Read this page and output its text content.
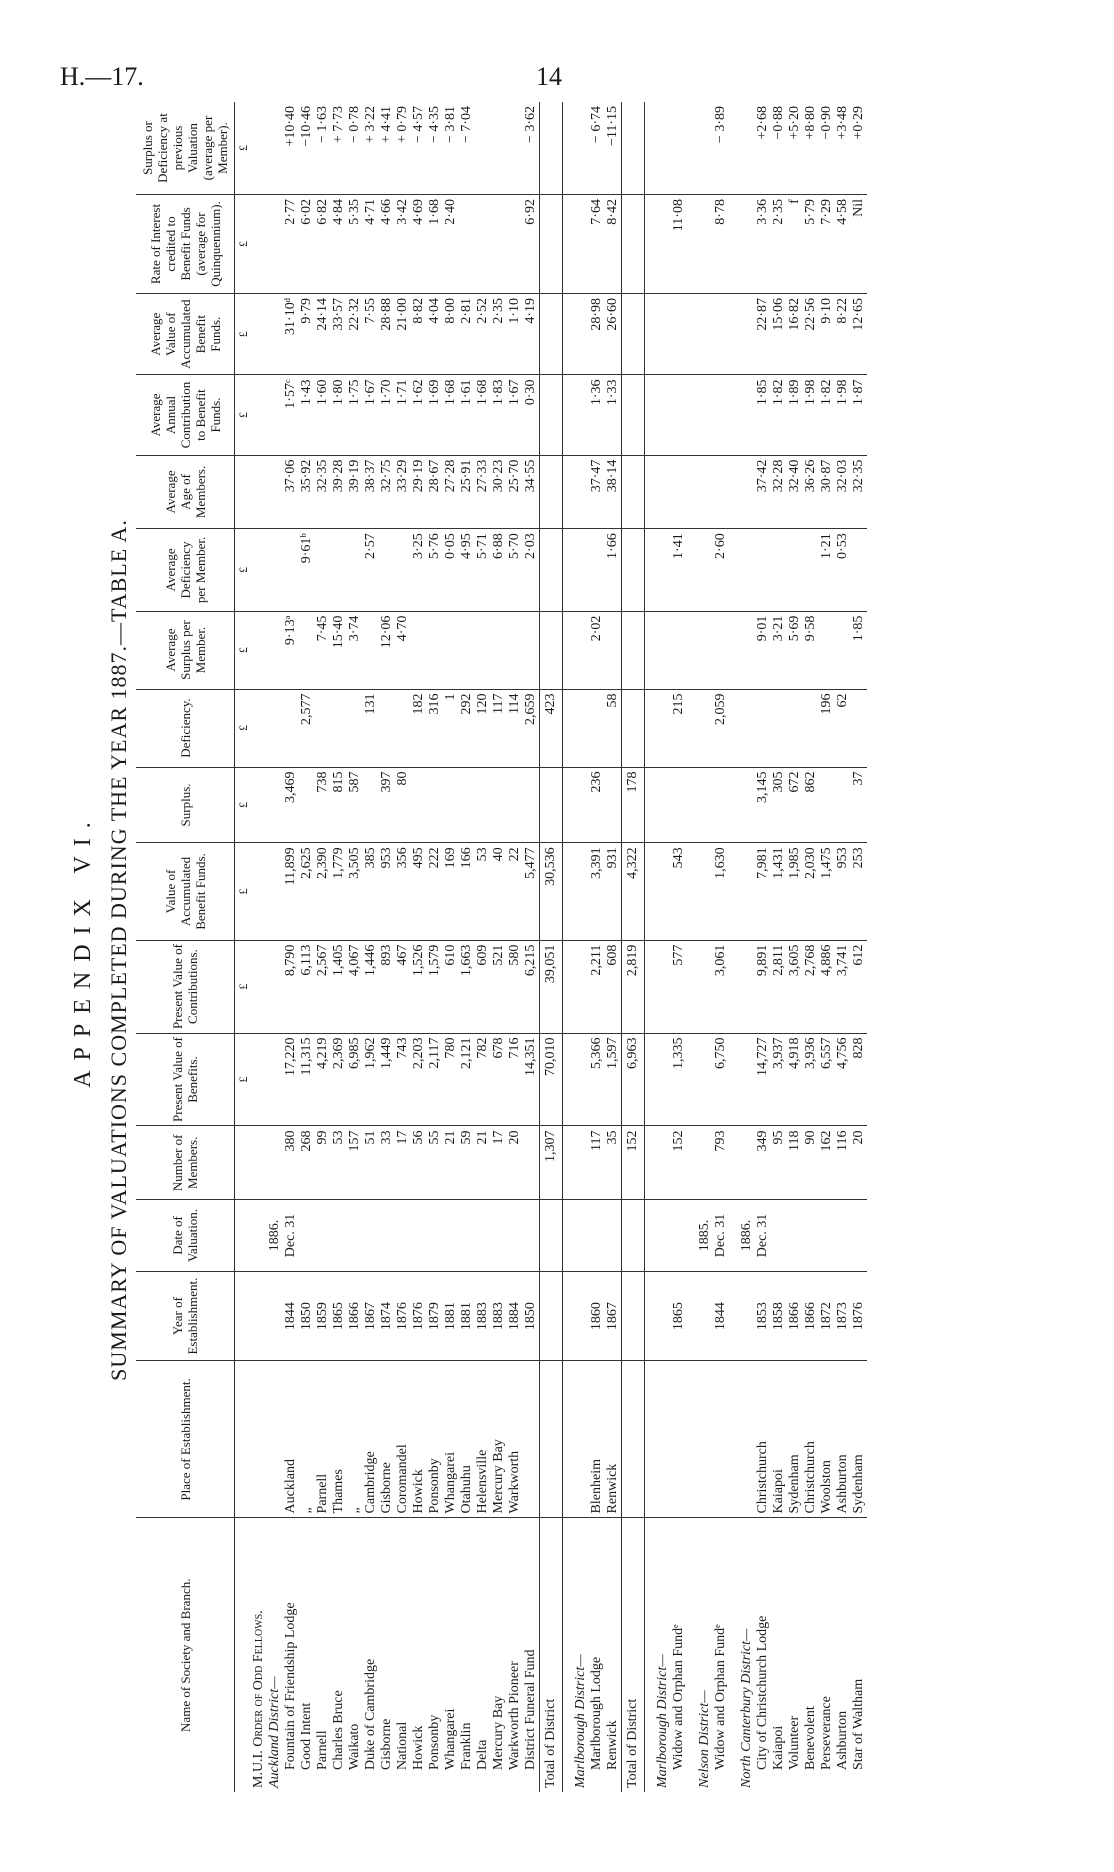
H.—17.	14
APPENDIX VI. SUMMARY OF VALUATIONS COMPLETED DURING THE YEAR 1887.—TABLE A.
Name of Society and Branch.	Place of Establishment.	Year of Establishment.	Date of Valuation.	Number of Members.	Present Value of Benefits.	Present Value of Contributions.	Value of Accumulated Benefit Funds.	Surplus.	Deficiency.	Average Surplus per Member.	Average Deficiency per Member.	Average Age of Members.	Average Annual Contribution to Benefit Funds.	Average Value of Accumulated Benefit Funds.	Rate of Interest credited to Benefit Funds (average for Quinquennium).	Surplus or Deficiency at previous Valuation (average per Member).
					£	£	£	£	£	£	£		£	£	£	£
M.U.I. Order of Odd Fellows.																
Auckland District—			1886.													
Fountain of Friendship Lodge	Auckland	1844	Dec. 31	380	17,220	8,790	11,899	3,469		9·13ᵃ		37·06	1·57ᶜ	31·10ᵈ	2·77	+10·40
Good Intent	„	1850		268	11,315	6,113	2,625		2,577		9·61ᵇ	35·92	1·43	9·79	6·02	−10·46
Parnell	Parnell	1859		99	4,219	2,567	2,390	738		7·45		32·35	1·60	24·14	6·82	− 1·63
Charles Bruce	Thames	1865		53	2,369	1,405	1,779	815		15·40		39·28	1·80	33·57	4·84	+ 7·73
Waikato	„	1866		157	6,985	4,067	3,505	587		3·74		39·19	1·75	22·32	5·35	− 0·78
Duke of Cambridge	Cambridge	1867		51	1,962	1,446	385		131		2·57	38·37	1·67	7·55	4·71	+ 3·22
Gisborne	Gisborne	1874		33	1,449	893	953	397		12·06		32·75	1·70	28·88	4·66	+ 4·41
National	Coromandel	1876		17	743	467	356	80		4·70		33·29	1·71	21·00	3·42	+ 0·79
Howick	Howick	1876		56	2,203	1,526	495		182		3·25	29·19	1·62	8·82	4·69	− 4·57
Ponsonby	Ponsonby	1879		55	2,117	1,579	222		316		5·76	28·67	1·69	4·04	1·68	− 4·35
Whangarei	Whangarei	1881		21	780	610	169		1		0·05	27·28	1·68	8·00	2·40	− 3·81
Franklin	Otahuhu	1881		59	2,121	1,663	166		292		4·95	25·91	1·61	2·81		− 7·04
Delta	Helensville	1883		21	782	609	53		120		5·71	27·33	1·68	2·52		
Mercury Bay	Mercury Bay	1883		17	678	521	40		117		6·88	30·23	1·83	2·35		
Warkworth Pioneer	Warkworth	1884		20	716	580	22		114		5·70	25·70	1·67	1·10		
District Funeral Fund		1850			14,351	6,215	5,477		2,659		2·03	34·55	0·30	4·19	6·92	− 3·62
Total of District				1,307	70,010	39,051	30,536		423							

Marlborough District—																
Marlborough Lodge	Blenheim	1860		117	5,366	2,211	3,391	236		2·02		37·47	1·36	28·98	7·64	− 6·74
Renwick	Renwick	1867		35	1,597	608	931		58		1·66	38·14	1·33	26·60	8·42	−11·15
Total of District				152	6,963	2,819	4,322	178								

Marlborough District—																
Widow and Orphan Fundᵉ		1865		152	1,335	577	543		215		1·41				11·08	

Nelson District—			1885.													
Widow and Orphan Fundᵉ		1844	Dec. 31	793	6,750	3,061	1,630		2,059		2·60				8·78	− 3·89

North Canterbury District—			1886.													
City of Christchurch Lodge	Christchurch	1853	Dec. 31	349	14,727	9,891	7,981	3,145		9·01		37·42	1·85	22·87	3·36	+2·68
Kaiapoi	Kaiapoi	1858		95	3,937	2,811	1,431	305		3·21		32·28	1·82	15·06	2·35	−0·88
Volunteer	Sydenham	1866		118	4,918	3,605	1,985	672		5·69		32·40	1·89	16·82	f	+5·20
Benevolent	Christchurch	1866		90	3,936	2,768	2,030	862		9·58		36·26	1·98	22·56	5·79	+8·80
Perseverance	Woolston	1872		162	6,557	4,886	1,475		196		1·21	30·87	1·82	9·10	7·29	−0·90
Ashburton	Ashburton	1873		116	4,756	3,741	953		62		0·53	32·03	1·98	8·22	4·58	+3·48
Star of Waltham	Sydenham	1876		20	828	612	253	37		1·85		32·35	1·87	12·65	Nil	+0·29
